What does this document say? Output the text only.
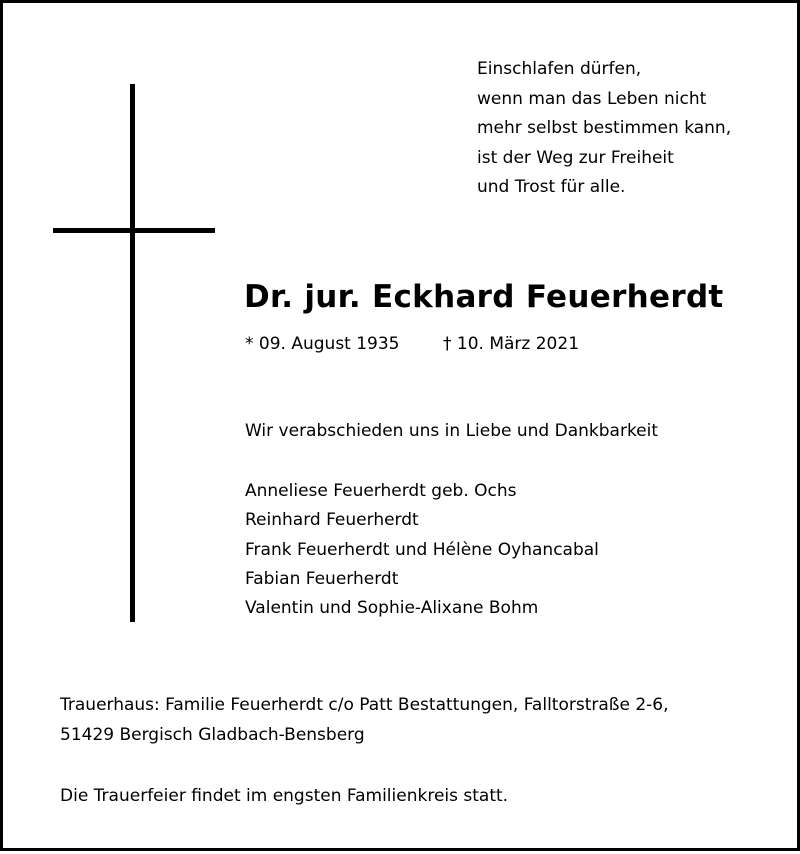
Einschlafen dürfen,
wenn man das Leben nicht
mehr selbst bestimmen kann,
ist der Weg zur Freiheit
und Trost für alle.
Dr. jur. Eckhard Feuerherdt
* 09. August 1935	† 10. März 2021
Wir verabschieden uns in Liebe und Dankbarkeit
Anneliese Feuerherdt geb. Ochs
Reinhard Feuerherdt
Frank Feuerherdt und Hélène Oyhancabal
Fabian Feuerherdt
Valentin und Sophie-Alixane Bohm
Trauerhaus: Familie Feuerherdt c/o Patt Bestattungen, Falltorstraße 2-6,
51429 Bergisch Gladbach-Bensberg
Die Trauerfeier findet im engsten Familienkreis statt.
